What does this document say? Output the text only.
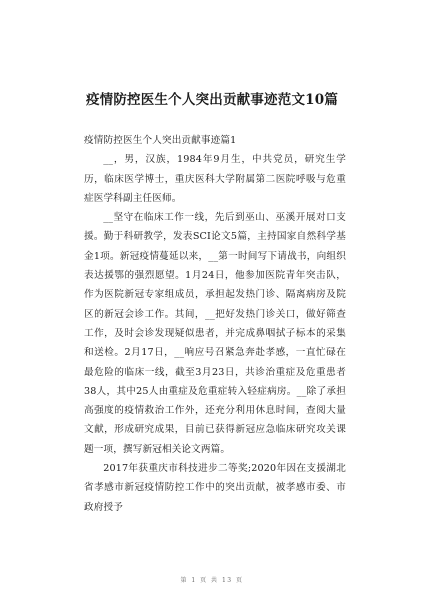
疫情防控医生个人突出贡献事迹范文10篇
疫情防控医生个人突出贡献事迹篇1

__，男，汉族，1984年9月生，中共党员，研究生学历，临床医学博士，重庆医科大学附属第二医院呼吸与危重症医学科副主任医师。

__坚守在临床工作一线，先后到巫山、巫溪开展对口支援。勤于科研教学，发表SCI论文5篇，主持国家自然科学基金1项。新冠疫情蔓延以来，__第一时间写下请战书，向组织表达援鄂的强烈愿望。1月24日，他参加医院青年突击队，作为医院新冠专家组成员，承担起发热门诊、隔离病房及院区的新冠会诊工作。其间，__把好发热门诊关口，做好筛查工作，及时会诊发现疑似患者，并完成鼻咽拭子标本的采集和送检。2月17日，__响应号召紧急奔赴孝感，一直忙碌在最危险的临床一线，截至3月23日，共诊治重症及危重患者38人，其中25人由重症及危重症转入轻症病房。__除了承担高强度的疫情救治工作外，还充分利用休息时间，查阅大量文献，形成研究成果，目前已获得新冠应急临床研究攻关课题一项，撰写新冠相关论文两篇。

2017年获重庆市科技进步二等奖;2020年因在支援湖北省孝感市新冠疫情防控工作中的突出贡献，被孝感市委、市政府授予

第 1 页 共 13 页
